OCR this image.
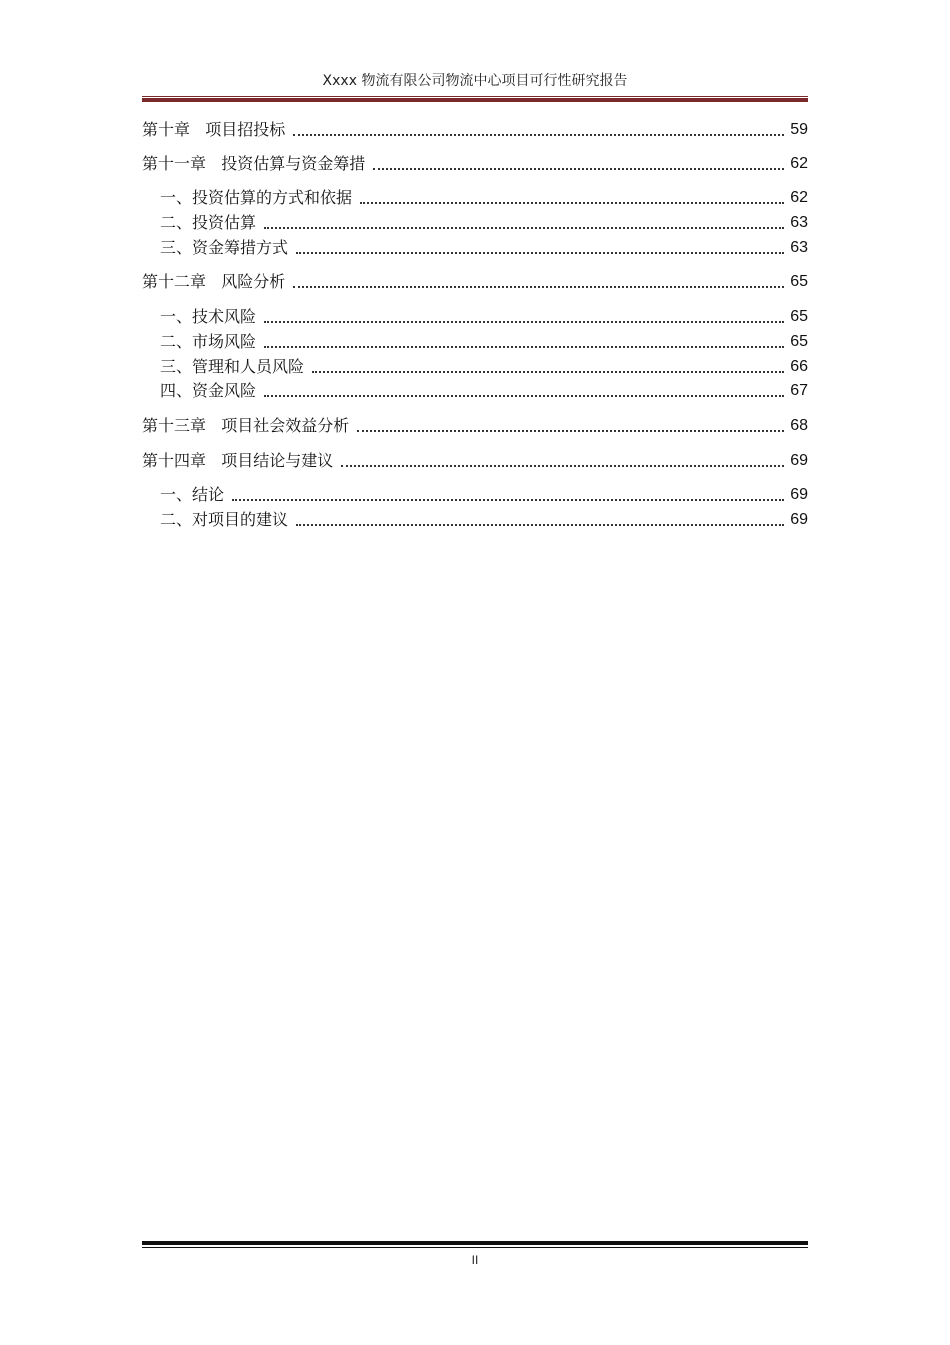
Xxxx 物流有限公司物流中心项目可行性研究报告
第十章   项目招投标	59
第十一章   投资估算与资金筹措	62
一、投资估算的方式和依据	62
二、投资估算	63
三、资金筹措方式	63
第十二章   风险分析	65
一、技术风险	65
二、市场风险	65
三、管理和人员风险	66
四、资金风险	67
第十三章   项目社会效益分析	68
第十四章   项目结论与建议	69
一、结论	69
二、对项目的建议	69
II
